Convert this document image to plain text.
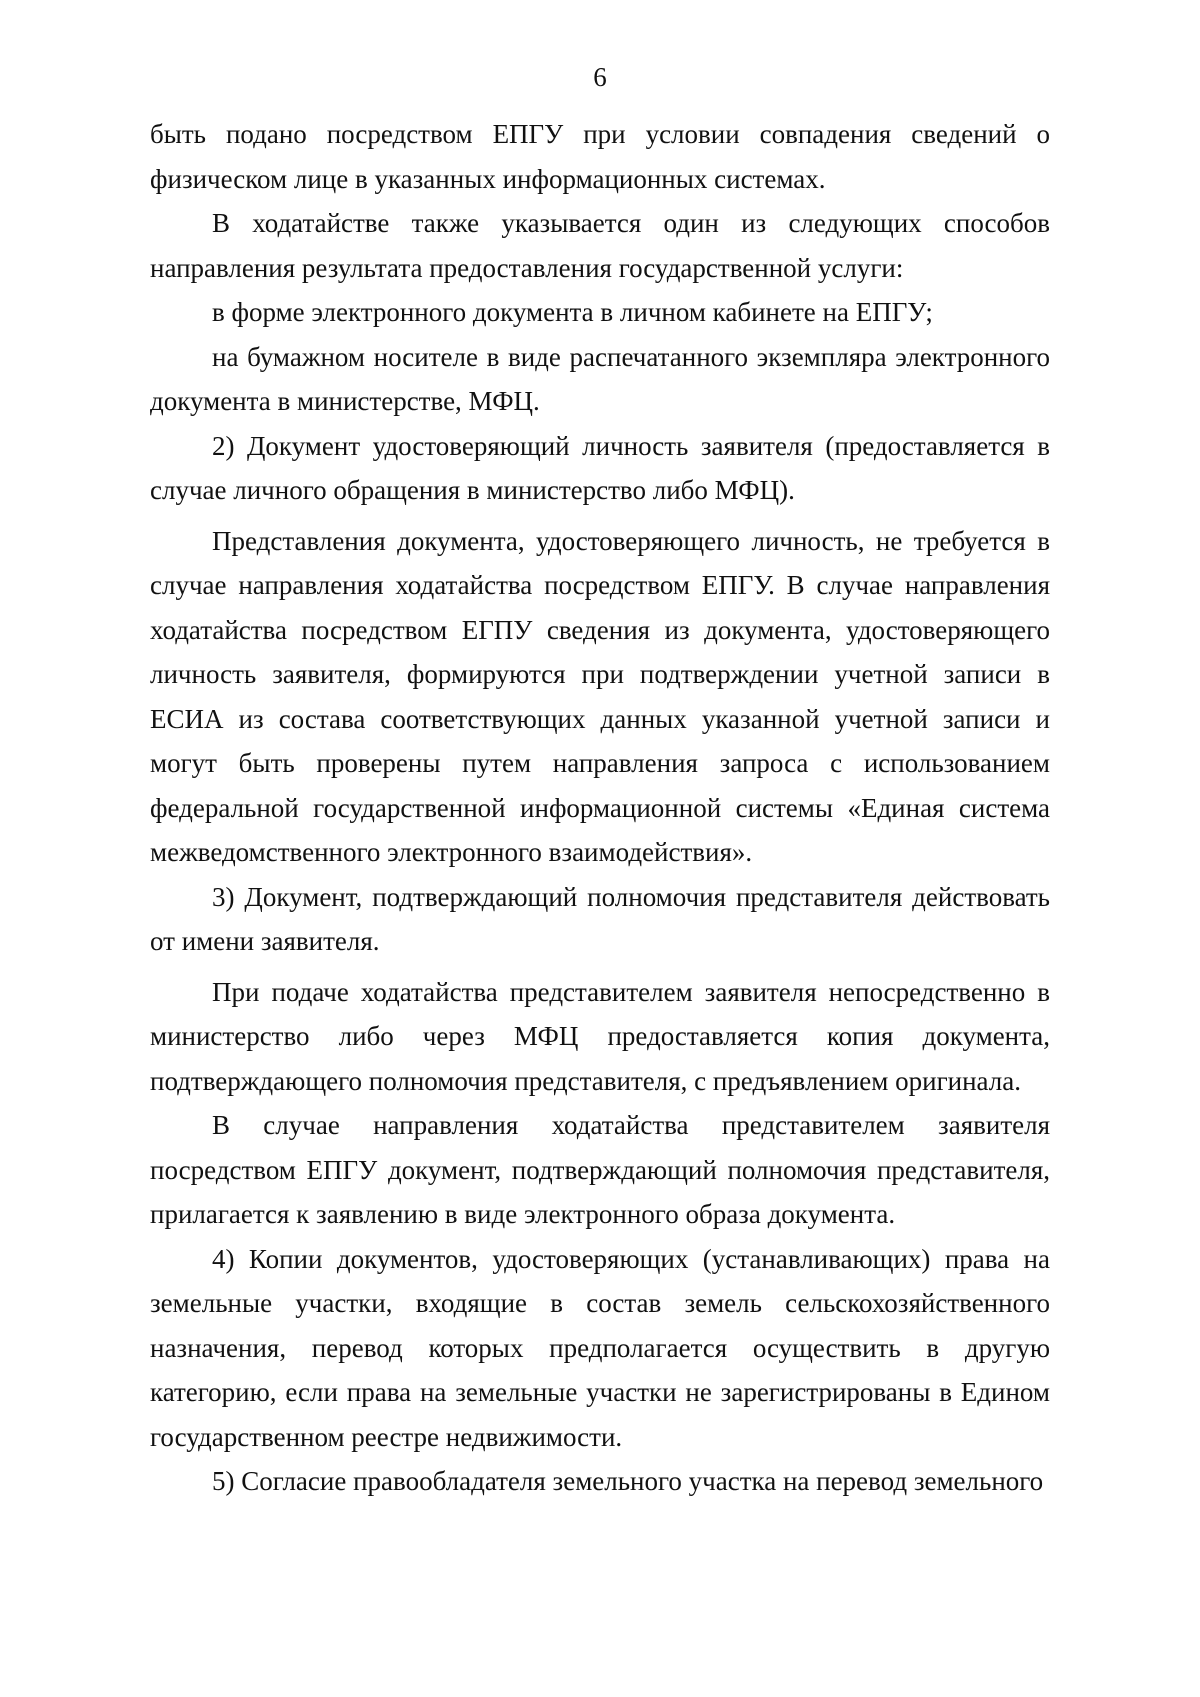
6

быть подано посредством ЕПГУ при условии совпадения сведений о физическом лице в указанных информационных системах.

В ходатайстве также указывается один из следующих способов направления результата предоставления государственной услуги:

в форме электронного документа в личном кабинете на ЕПГУ;

на бумажном носителе в виде распечатанного экземпляра электронного документа в министерстве, МФЦ.

2) Документ удостоверяющий личность заявителя (предоставляется в случае личного обращения в министерство либо МФЦ).

Представления документа, удостоверяющего личность, не требуется в случае направления ходатайства посредством ЕПГУ. В случае направления ходатайства посредством ЕГПУ сведения из документа, удостоверяющего личность заявителя, формируются при подтверждении учетной записи в ЕСИА из состава соответствующих данных указанной учетной записи и могут быть проверены путем направления запроса с использованием федеральной государственной информационной системы «Единая система межведомственного электронного взаимодействия».

3) Документ, подтверждающий полномочия представителя действовать от имени заявителя.

При подаче ходатайства представителем заявителя непосредственно в министерство либо через МФЦ предоставляется копия документа, подтверждающего полномочия представителя, с предъявлением оригинала.

В случае направления ходатайства представителем заявителя посредством ЕПГУ документ, подтверждающий полномочия представителя, прилагается к заявлению в виде электронного образа документа.

4) Копии документов, удостоверяющих (устанавливающих) права на земельные участки, входящие в состав земель сельскохозяйственного назначения, перевод которых предполагается осуществить в другую категорию, если права на земельные участки не зарегистрированы в Едином государственном реестре недвижимости.

5) Согласие правообладателя земельного участка на перевод земельного
